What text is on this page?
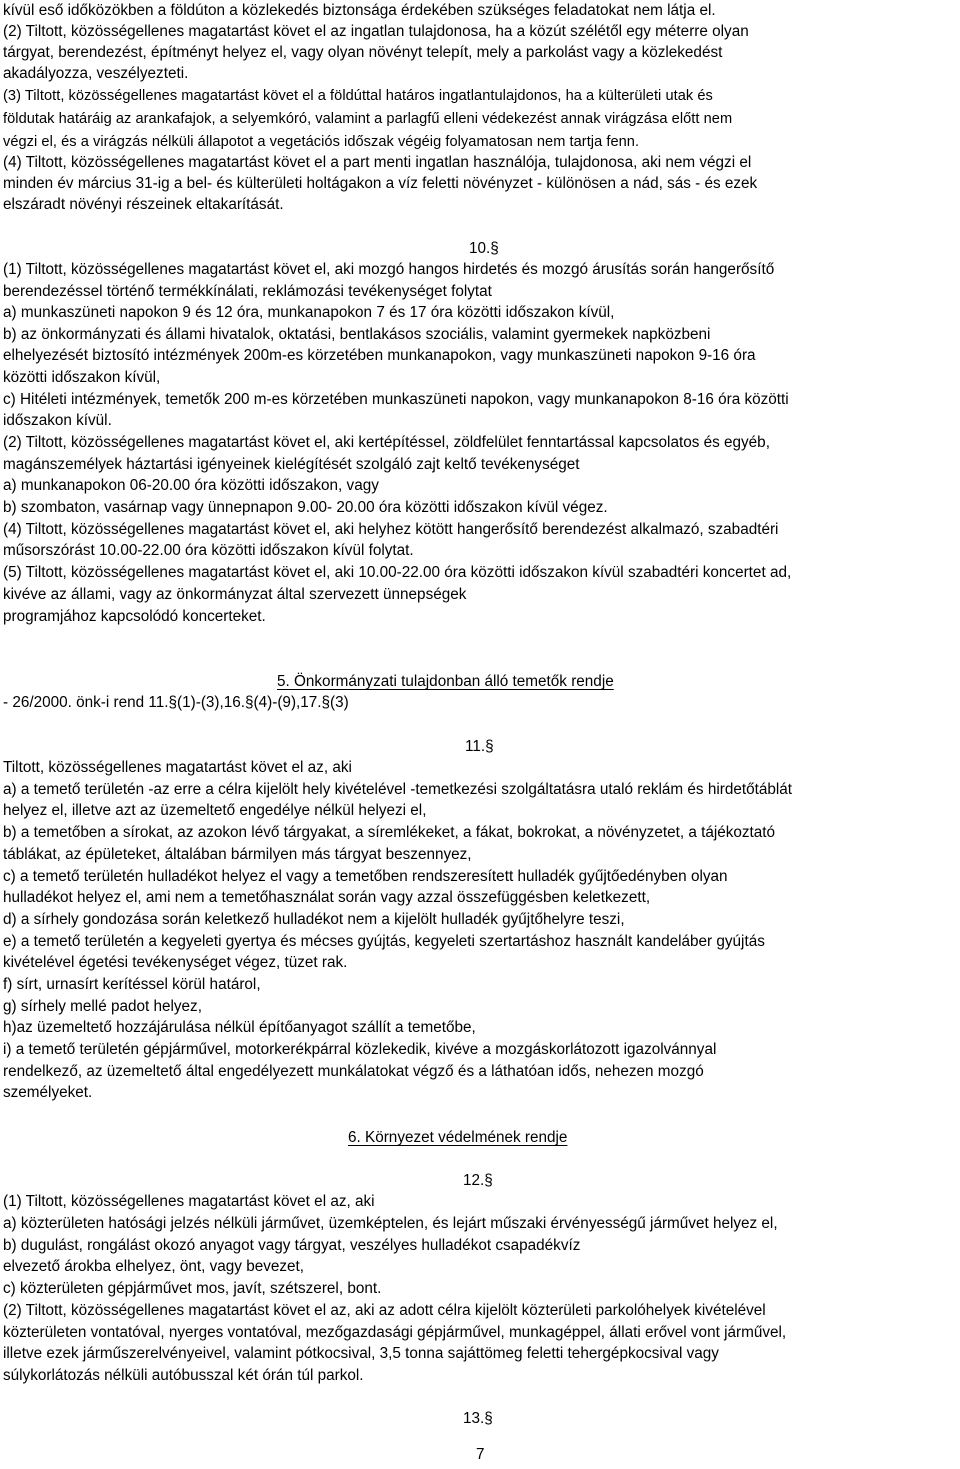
kívül eső időközökben a földúton a közlekedés biztonsága érdekében szükséges feladatokat nem látja el.
(2) Tiltott, közösségellenes magatartást követ el az ingatlan tulajdonosa, ha a közút szélétől egy méterre olyan
tárgyat, berendezést, építményt helyez el, vagy olyan növényt telepít, mely a parkolást vagy a közlekedést
akadályozza, veszélyezteti.
(3) Tiltott, közösségellenes magatartást követ el a földúttal határos ingatlantulajdonos, ha a külterületi utak és
földutak határáig az arankafajok, a selyemkóró, valamint a parlagfű elleni védekezést annak virágzása előtt nem
végzi el, és a virágzás nélküli állapotot a vegetációs időszak végéig folyamatosan nem tartja fenn.
(4) Tiltott, közösségellenes magatartást követ el a part menti ingatlan használója, tulajdonosa, aki nem végzi el
minden év március 31-ig a bel- és külterületi holtágakon a víz feletti növényzet - különösen a nád, sás - és ezek
elszáradt növényi részeinek eltakarítását.
10.§
(1) Tiltott, közösségellenes magatartást követ el, aki mozgó hangos hirdetés és mozgó árusítás során hangerősítő
berendezéssel történő termékkínálati, reklámozási tevékenységet folytat
a) munkaszüneti napokon 9 és 12 óra, munkanapokon 7 és 17 óra közötti időszakon kívül,
b) az önkormányzati és állami hivatalok, oktatási, bentlakásos szociális, valamint gyermekek napközbeni
elhelyezését biztosító intézmények 200m-es körzetében munkanapokon, vagy munkaszüneti napokon 9-16 óra
közötti időszakon kívül,
c) Hitéleti intézmények, temetők 200 m-es körzetében munkaszüneti napokon, vagy munkanapokon 8-16 óra közötti
időszakon kívül.
(2) Tiltott, közösségellenes magatartást követ el, aki kertépítéssel, zöldfelület fenntartással kapcsolatos és egyéb,
magánszemélyek háztartási igényeinek kielégítését szolgáló zajt keltő tevékenységet
a) munkanapokon 06-20.00 óra közötti időszakon, vagy
b) szombaton, vasárnap vagy ünnepnapon 9.00- 20.00 óra közötti időszakon kívül végez.
(4) Tiltott, közösségellenes magatartást követ el, aki helyhez kötött hangerősítő berendezést alkalmazó, szabadtéri
műsorszórást 10.00-22.00 óra közötti időszakon kívül folytat.
(5) Tiltott, közösségellenes magatartást követ el, aki 10.00-22.00 óra közötti időszakon kívül szabadtéri koncertet ad,
kivéve az állami, vagy az önkormányzat által szervezett ünnepségek
programjához kapcsolódó koncerteket.
5. Önkormányzati tulajdonban álló temetők rendje
- 26/2000. önk-i rend 11.§(1)-(3),16.§(4)-(9),17.§(3)
11.§
Tiltott, közösségellenes magatartást követ el az, aki
a) a temető területén -az erre a célra kijelölt hely kivételével -temetkezési szolgáltatásra utaló reklám és hirdetőtáblát
helyez el, illetve azt az üzemeltető engedélye nélkül helyezi el,
b) a temetőben a sírokat, az azokon lévő tárgyakat, a síremlékeket, a fákat, bokrokat, a növényzetet, a tájékoztató
táblákat, az épületeket, általában bármilyen más tárgyat beszennyez,
c) a temető területén hulladékot helyez el vagy a temetőben rendszeresített hulladék gyűjtőedényben olyan
hulladékot helyez el, ami nem a temetőhasználat során vagy azzal összefüggésben keletkezett,
d) a sírhely gondozása során keletkező hulladékot nem a kijelölt hulladék gyűjtőhelyre teszi,
e) a temető területén a kegyeleti gyertya és mécses gyújtás, kegyeleti szertartáshoz használt kandeláber gyújtás
kivételével égetési tevékenységet végez, tüzet rak.
f) sírt, urnasírt kerítéssel körül határol,
g) sírhely mellé padot helyez,
h)az üzemeltető hozzájárulása nélkül építőanyagot szállít a temetőbe,
i) a temető területén gépjárművel, motorkerékpárral közlekedik, kivéve a mozgáskorlátozott igazolvánnyal
rendelkező, az üzemeltető által engedélyezett munkálatokat végző és a láthatóan idős, nehezen mozgó
személyeket.
6. Környezet védelmének rendje
12.§
(1) Tiltott, közösségellenes magatartást követ el az, aki
a) közterületen hatósági jelzés nélküli járművet, üzemképtelen, és lejárt műszaki érvényességű járművet helyez el,
b) dugulást, rongálást okozó anyagot vagy tárgyat, veszélyes hulladékot csapadékvíz
elvezető árokba elhelyez, önt, vagy bevezet,
c) közterületen gépjárművet mos, javít, szétszerel, bont.
(2) Tiltott, közösségellenes magatartást követ el az, aki az adott célra kijelölt közterületi parkolóhelyek kivételével
közterületen vontatóval, nyerges vontatóval, mezőgazdasági gépjárművel, munkagéppel, állati erővel vont járművel,
illetve ezek járműszerelvényeivel, valamint pótkocsival, 3,5 tonna sajáttömeg feletti tehergépkocsival vagy
súlykorlátozás nélküli autóbusszal két órán túl parkol.
13.§
7
